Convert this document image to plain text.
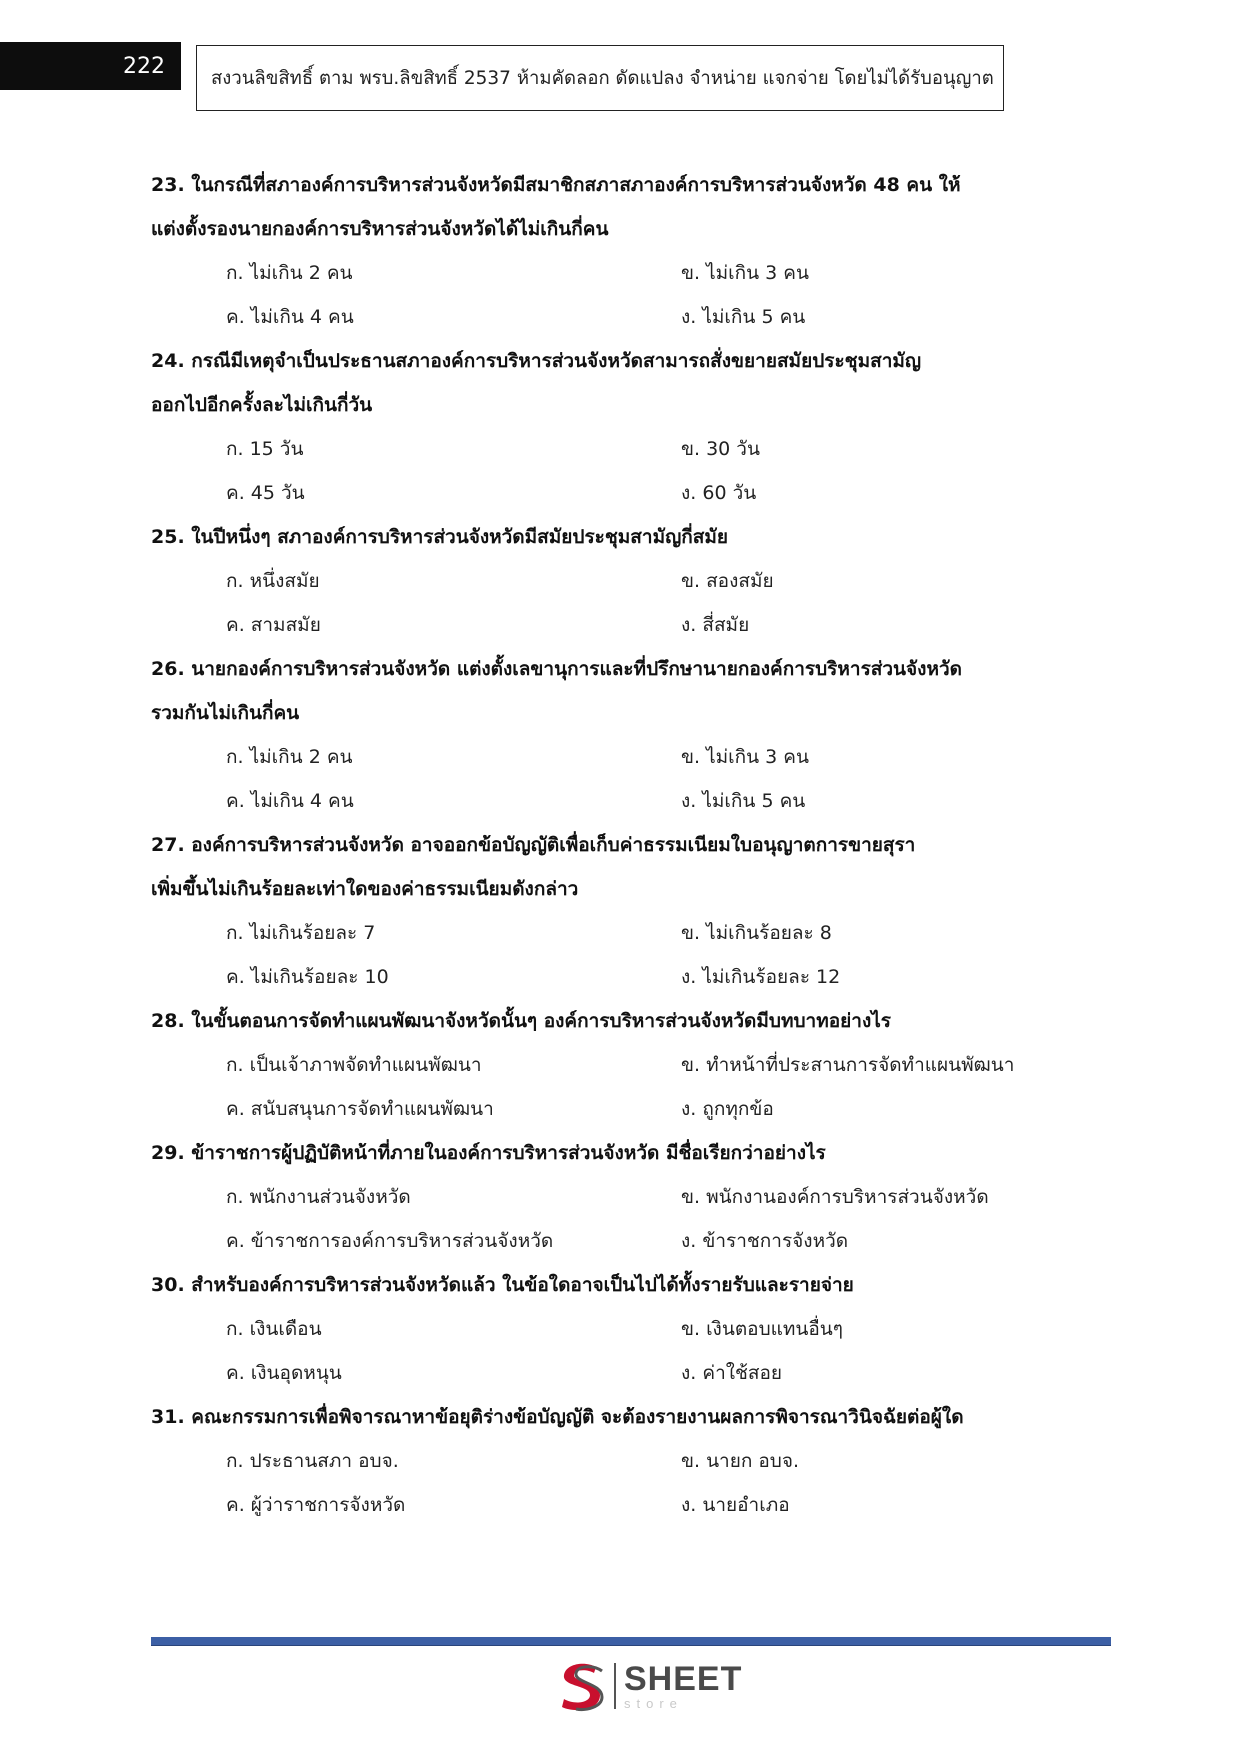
222 สงวนลิขสิทธิ์ ตาม พรบ.ลิขสิทธิ์ 2537 ห้ามคัดลอก ดัดแปลง จำหน่าย แจกจ่าย โดยไม่ได้รับอนุญาต
23. ในกรณีที่สภาองค์การบริหารส่วนจังหวัดมีสมาชิกสภาสภาองค์การบริหารส่วนจังหวัด 48 คน ให้
แต่งตั้งรองนายกองค์การบริหารส่วนจังหวัดได้ไม่เกินกี่คน
ก. ไม่เกิน 2 คน	ข. ไม่เกิน 3 คน
ค. ไม่เกิน 4 คน	ง. ไม่เกิน 5 คน
24. กรณีมีเหตุจำเป็นประธานสภาองค์การบริหารส่วนจังหวัดสามารถสั่งขยายสมัยประชุมสามัญ
ออกไปอีกครั้งละไม่เกินกี่วัน
ก. 15 วัน	ข. 30 วัน
ค. 45 วัน	ง. 60 วัน
25. ในปีหนึ่งๆ สภาองค์การบริหารส่วนจังหวัดมีสมัยประชุมสามัญกี่สมัย
ก. หนึ่งสมัย	ข. สองสมัย
ค. สามสมัย	ง. สี่สมัย
26. นายกองค์การบริหารส่วนจังหวัด แต่งตั้งเลขานุการและที่ปรึกษานายกองค์การบริหารส่วนจังหวัด
รวมกันไม่เกินกี่คน
ก. ไม่เกิน 2 คน	ข. ไม่เกิน 3 คน
ค. ไม่เกิน 4 คน	ง. ไม่เกิน 5 คน
27. องค์การบริหารส่วนจังหวัด อาจออกข้อบัญญัติเพื่อเก็บค่าธรรมเนียมใบอนุญาตการขายสุรา
เพิ่มขึ้นไม่เกินร้อยละเท่าใดของค่าธรรมเนียมดังกล่าว
ก. ไม่เกินร้อยละ 7	ข. ไม่เกินร้อยละ 8
ค. ไม่เกินร้อยละ 10	ง. ไม่เกินร้อยละ 12
28. ในขั้นตอนการจัดทำแผนพัฒนาจังหวัดนั้นๆ องค์การบริหารส่วนจังหวัดมีบทบาทอย่างไร
ก. เป็นเจ้าภาพจัดทำแผนพัฒนา	ข. ทำหน้าที่ประสานการจัดทำแผนพัฒนา
ค. สนับสนุนการจัดทำแผนพัฒนา	ง. ถูกทุกข้อ
29. ข้าราชการผู้ปฏิบัติหน้าที่ภายในองค์การบริหารส่วนจังหวัด มีชื่อเรียกว่าอย่างไร
ก. พนักงานส่วนจังหวัด	ข. พนักงานองค์การบริหารส่วนจังหวัด
ค. ข้าราชการองค์การบริหารส่วนจังหวัด	ง. ข้าราชการจังหวัด
30. สำหรับองค์การบริหารส่วนจังหวัดแล้ว ในข้อใดอาจเป็นไปได้ทั้งรายรับและรายจ่าย
ก. เงินเดือน	ข. เงินตอบแทนอื่นๆ
ค. เงินอุดหนุน	ง. ค่าใช้สอย
31. คณะกรรมการเพื่อพิจารณาหาข้อยุติร่างข้อบัญญัติ จะต้องรายงานผลการพิจารณาวินิจฉัยต่อผู้ใด
ก. ประธานสภา อบจ.	ข. นายก อบจ.
ค. ผู้ว่าราชการจังหวัด	ง. นายอำเภอ
SHEET
store
